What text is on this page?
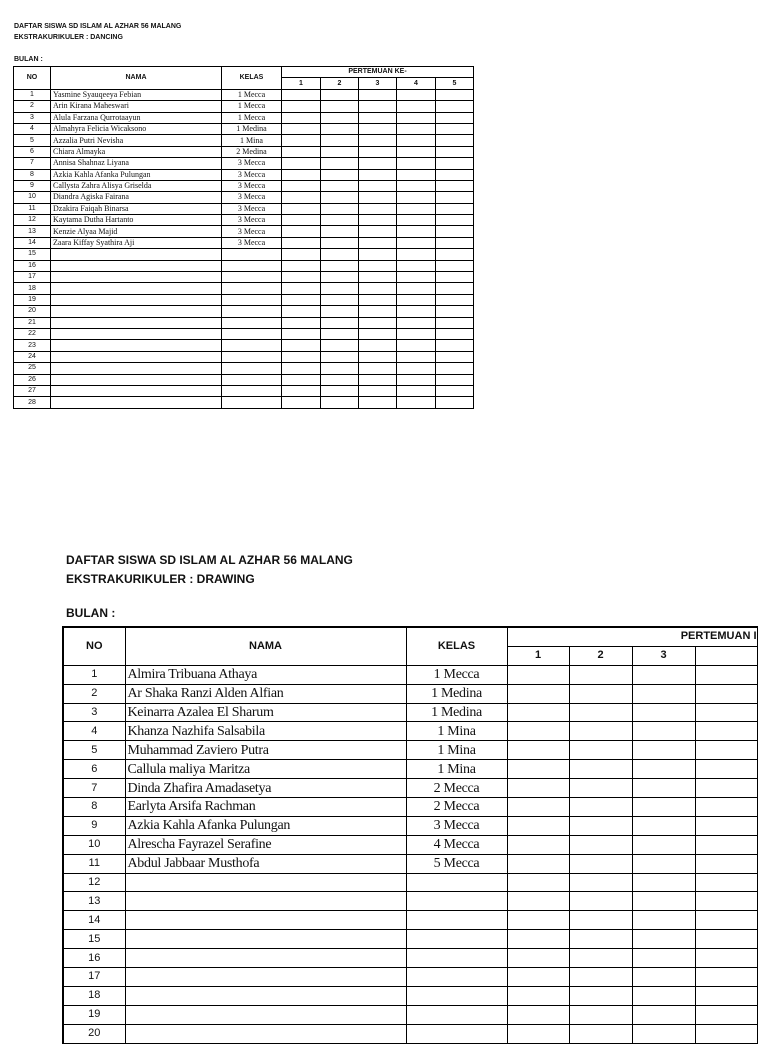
DAFTAR SISWA SD ISLAM AL AZHAR 56 MALANG
EKSTRAKURIKULER : DANCING
BULAN :
NO	NAMA	KELAS	PERTEMUAN KE-				
			1	2	3	4	5
1	Yasmine Syauqeeya Febian	1 Mecca					
2	Arin Kirana Maheswari	1 Mecca					
3	Alula Farzana Qurrotaayun	1 Mecca					
4	Almahyra Felicia Wicaksono	1 Medina					
5	Azzalia Putri Nevisha	1 Mina					
6	Chiara Almayka	2 Medina					
7	Annisa Shahnaz Liyana	3 Mecca					
8	Azkia Kahla Afanka Pulungan	3 Mecca					
9	Callysta Zahra Alisya Griselda	3 Mecca					
10	Diandra Agiska Fairana	3 Mecca					
11	Dzakira Faiqah Binarsa	3 Mecca					
12	Kaytama Dutha Hartanto	3 Mecca					
13	Kenzie Alyaa Majid	3 Mecca					
14	Zaara Kiffay Syathira Aji	3 Mecca					
15							
16							
17							
18							
19							
20							
21							
22							
23							
24							
25							
26							
27							
28							
DAFTAR SISWA SD ISLAM AL AZHAR 56 MALANG
EKSTRAKURIKULER : DRAWING
BULAN :
NO	NAMA	KELAS	PERTEMUAN I			
			1	2	3	
1	Almira Tribuana Athaya	1 Mecca				
2	Ar Shaka Ranzi Alden Alfian	1 Medina				
3	Keinarra Azalea El Sharum	1 Medina				
4	Khanza Nazhifa Salsabila	1 Mina				
5	Muhammad Zaviero Putra	1 Mina				
6	Callula maliya Maritza	1 Mina				
7	Dinda Zhafira Amadasetya	2 Mecca				
8	Earlyta Arsifa Rachman	2 Mecca				
9	Azkia Kahla Afanka Pulungan	3 Mecca				
10	Alrescha Fayrazel Serafine	4 Mecca				
11	Abdul Jabbaar Musthofa	5 Mecca				
12						
13						
14						
15						
16						
17						
18						
19						
20						
